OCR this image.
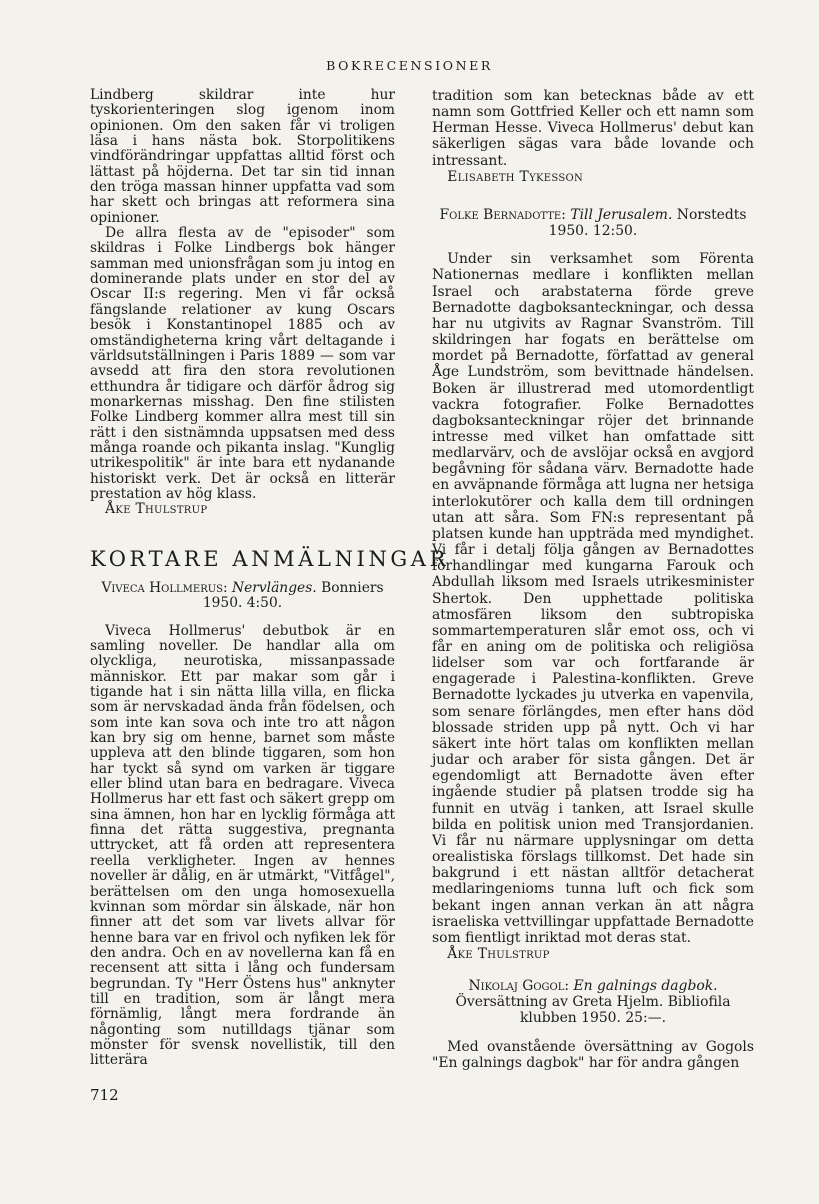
BOKRECENSIONER

Lindberg skildrar inte hur tyskorienteringen slog igenom inom opinionen. Om den saken får vi troligen läsa i hans nästa bok. Storpolitikens vindförändringar uppfattas alltid först och lättast på höjderna. Det tar sin tid innan den tröga massan hinner uppfatta vad som har skett och bringas att reformera sina opinioner.

De allra flesta av de "episoder" som skildras i Folke Lindbergs bok hänger samman med unionsfrågan som ju intog en dominerande plats under en stor del av Oscar II:s regering. Men vi får också fängslande relationer av kung Oscars besök i Konstantinopel 1885 och av omständigheterna kring vårt deltagande i världsutställningen i Paris 1889 — som var avsedd att fira den stora revolutionen etthundra år tidigare och därför ådrog sig monarkernas misshag. Den fine stilisten Folke Lindberg kommer allra mest till sin rätt i den sistnämnda uppsatsen med dess många roande och pikanta inslag. "Kunglig utrikespolitik" är inte bara ett nydanande historiskt verk. Det är också en litterär prestation av hög klass.

Åke Thulstrup

KORTARE ANMÄLNINGAR
Viveca Hollmerus: Nervlänges. Bonniers
1950. 4:50.

Viveca Hollmerus' debutbok är en samling noveller. De handlar alla om olyckliga, neurotiska, missanpassade människor. Ett par makar som går i tigande hat i sin nätta lilla villa, en flicka som är nervskadad ända från födelsen, och som inte kan sova och inte tro att någon kan bry sig om henne, barnet som måste uppleva att den blinde tiggaren, som hon har tyckt så synd om varken är tiggare eller blind utan bara en bedragare. Viveca Hollmerus har ett fast och säkert grepp om sina ämnen, hon har en lycklig förmåga att finna det rätta suggestiva, pregnanta uttrycket, att få orden att representera reella verkligheter. Ingen av hennes noveller är dålig, en är utmärkt, "Vitfågel", berättelsen om den unga homosexuella kvinnan som mördar sin älskade, när hon finner att det som var livets allvar för henne bara var en frivol och nyfiken lek för den andra. Och en av novellerna kan få en recensent att sitta i lång och fundersam begrundan. Ty "Herr Östens hus" anknyter till en tradition, som är långt mera förnämlig, långt mera fordrande än någonting som nutilldags tjänar som mönster för svensk novellistik, till den litterära

tradition som kan betecknas både av ett namn som Gottfried Keller och ett namn som Herman Hesse. Viveca Hollmerus' debut kan säkerligen sägas vara både lovande och intressant.

Elisabeth Tykesson

Folke Bernadotte: Till Jerusalem. Norstedts
1950. 12:50.

Under sin verksamhet som Förenta Nationernas medlare i konflikten mellan Israel och arabstaterna förde greve Bernadotte dagboksanteckningar, och dessa har nu utgivits av Ragnar Svanström. Till skildringen har fogats en berättelse om mordet på Bernadotte, författad av general Åge Lundström, som bevittnade händelsen. Boken är illustrerad med utomordentligt vackra fotografier. Folke Bernadottes dagboksanteckningar röjer det brinnande intresse med vilket han omfattade sitt medlarvärv, och de avslöjar också en avgjord begåvning för sådana värv. Bernadotte hade en avväpnande förmåga att lugna ner hetsiga interlokutörer och kalla dem till ordningen utan att såra. Som FN:s representant på platsen kunde han uppträda med myndighet. Vi får i detalj följa gången av Bernadottes förhandlingar med kungarna Farouk och Abdullah liksom med Israels utrikesminister Shertok. Den upphettade politiska atmosfären liksom den subtropiska sommartemperaturen slår emot oss, och vi får en aning om de politiska och religiösa lidelser som var och fortfarande är engagerade i Palestina-konflikten. Greve Bernadotte lyckades ju utverka en vapenvila, som senare förlängdes, men efter hans död blossade striden upp på nytt. Och vi har säkert inte hört talas om konflikten mellan judar och araber för sista gången. Det är egendomligt att Bernadotte även efter ingående studier på platsen trodde sig ha funnit en utväg i tanken, att Israel skulle bilda en politisk union med Transjordanien. Vi får nu närmare upplysningar om detta orealistiska förslags tillkomst. Det hade sin bakgrund i ett nästan alltför detacherat medlaringenioms tunna luft och fick som bekant ingen annan verkan än att några israeliska vettvillingar uppfattade Bernadotte som fientligt inriktad mot deras stat.

Åke Thulstrup

Nikolaj Gogol: En galnings dagbok. Översättning av Greta Hjelm. Bibliofila
klubben 1950. 25:—.

Med ovanstående översättning av Gogols "En galnings dagbok" har för andra gången

712
